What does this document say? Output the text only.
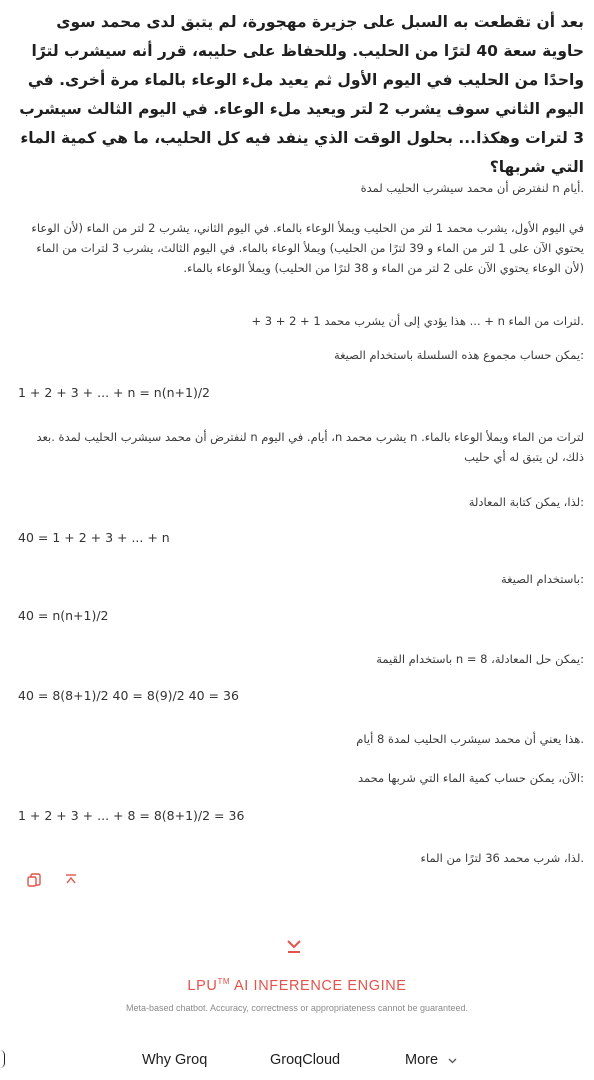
بعد أن تقطعت به السبل على جزيرة مهجورة، لم يتبق لدى محمد سوى حاوية سعة 40 لترًا من الحليب. وللحفاظ على حليبه، قرر أنه سيشرب لترًا واحدًا من الحليب في اليوم الأول ثم يعيد ملء الوعاء بالماء مرة أخرى. في اليوم الثاني سوف يشرب 2 لتر ويعيد ملء الوعاء. في اليوم الثالث سيشرب 3 لترات وهكذا... بحلول الوقت الذي ينفد فيه كل الحليب، ما هي كمية الماء التي شربها؟
.أيام n لنفترض أن محمد سيشرب الحليب لمدة
في اليوم الأول، يشرب محمد 1 لتر من الحليب ويملأ الوعاء بالماء. في اليوم الثاني، يشرب 2 لتر من الماء (لأن الوعاء يحتوي الآن على 1 لتر من الماء و 39 لترًا من الحليب) ويملأ الوعاء بالماء. في اليوم الثالث، يشرب 3 لترات من الماء (لأن الوعاء يحتوي الآن على 2 لتر من الماء و 38 لترًا من الحليب) ويملأ الوعاء بالماء.
.لترات من الماء n + ... هذا يؤدي إلى أن يشرب محمد 1 + 2 + 3 +
:يمكن حساب مجموع هذه السلسلة باستخدام الصيغة
1 + 2 + 3 + ... + n = n(n+1)/2
لترات من الماء ويملأ الوعاء بالماء. n يشرب محمد n، أيام. في اليوم n لنفترض أن محمد سيشرب الحليب لمدة .بعد ذلك، لن يتبق له أي حليب
:لذا، يمكن كتابة المعادلة
40 = 1 + 2 + 3 + ... + n
:باستخدام الصيغة
40 = n(n+1)/2
:يمكن حل المعادلة، n = 8 باستخدام القيمة
40 = 8(8+1)/2 40 = 8(9)/2 40 = 36
.هذا يعني أن محمد سيشرب الحليب لمدة 8 أيام
:الآن، يمكن حساب كمية الماء التي شربها محمد
1 + 2 + 3 + ... + 8 = 8(8+1)/2 = 36
.لذا، شرب محمد 36 لترًا من الماء
LPU™ AI INFERENCE ENGINE
Meta-based chatbot. Accuracy, correctness or appropriateness cannot be guaranteed.
Why Groq	GroqCloud	More
